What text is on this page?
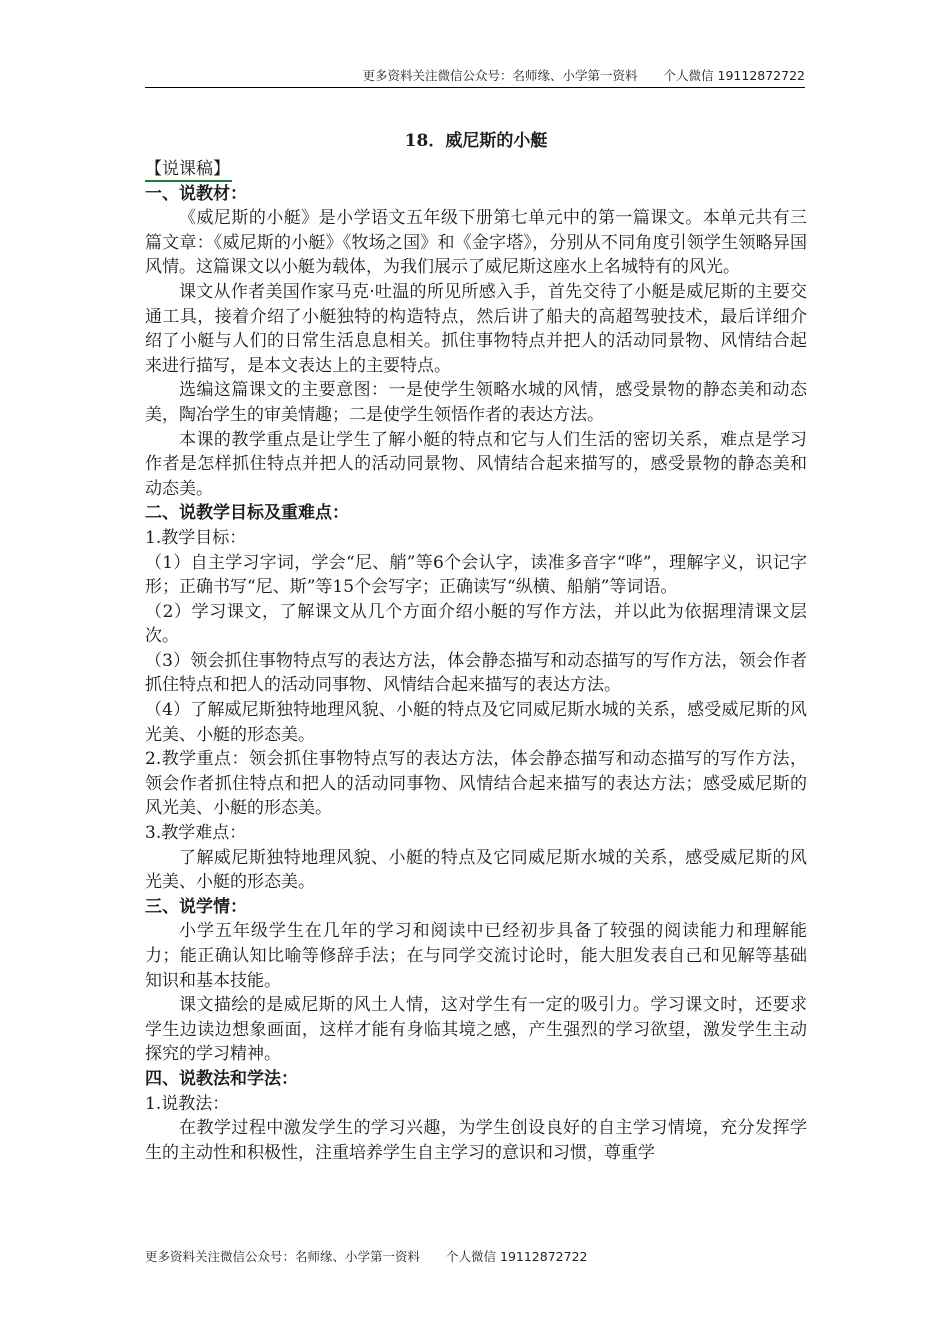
更多资料关注微信公众号：名师缘、小学第一资料 个人微信 19112872722

18．威尼斯的小艇

【说课稿】

一、说教材：

《威尼斯的小艇》是小学语文五年级下册第七单元中的第一篇课文。本单元共有三篇文章：《威尼斯的小艇》《牧场之国》和《金字塔》，分别从不同角度引领学生领略异国风情。这篇课文以小艇为载体，为我们展示了威尼斯这座水上名城特有的风光。

课文从作者美国作家马克·吐温的所见所感入手，首先交待了小艇是威尼斯的主要交通工具，接着介绍了小艇独特的构造特点，然后讲了船夫的高超驾驶技术，最后详细介绍了小艇与人们的日常生活息息相关。抓住事物特点并把人的活动同景物、风情结合起来进行描写，是本文表达上的主要特点。

选编这篇课文的主要意图：一是使学生领略水城的风情，感受景物的静态美和动态美，陶冶学生的审美情趣；二是使学生领悟作者的表达方法。

本课的教学重点是让学生了解小艇的特点和它与人们生活的密切关系，难点是学习作者是怎样抓住特点并把人的活动同景物、风情结合起来描写的，感受景物的静态美和动态美。

二、说教学目标及重难点：

1.教学目标：

（1）自主学习字词，学会“尼、艄”等6个会认字，读准多音字“哗”，理解字义，识记字形；正确书写“尼、斯”等15个会写字；正确读写“纵横、船艄”等词语。

（2）学习课文，了解课文从几个方面介绍小艇的写作方法，并以此为依据理清课文层次。

（3）领会抓住事物特点写的表达方法，体会静态描写和动态描写的写作方法，领会作者抓住特点和把人的活动同事物、风情结合起来描写的表达方法。

（4）了解威尼斯独特地理风貌、小艇的特点及它同威尼斯水城的关系，感受威尼斯的风光美、小艇的形态美。

2.教学重点：领会抓住事物特点写的表达方法，体会静态描写和动态描写的写作方法，领会作者抓住特点和把人的活动同事物、风情结合起来描写的表达方法；感受威尼斯的风光美、小艇的形态美。

3.教学难点：

了解威尼斯独特地理风貌、小艇的特点及它同威尼斯水城的关系，感受威尼斯的风光美、小艇的形态美。

三、说学情：

小学五年级学生在几年的学习和阅读中已经初步具备了较强的阅读能力和理解能力；能正确认知比喻等修辞手法；在与同学交流讨论时，能大胆发表自己和见解等基础知识和基本技能。

课文描绘的是威尼斯的风土人情，这对学生有一定的吸引力。学习课文时，还要求学生边读边想象画面，这样才能有身临其境之感，产生强烈的学习欲望，激发学生主动探究的学习精神。

四、说教法和学法：

1.说教法：

在教学过程中激发学生的学习兴趣，为学生创设良好的自主学习情境，充分发挥学生的主动性和积极性，注重培养学生自主学习的意识和习惯，尊重学

更多资料关注微信公众号：名师缘、小学第一资料 个人微信 19112872722
